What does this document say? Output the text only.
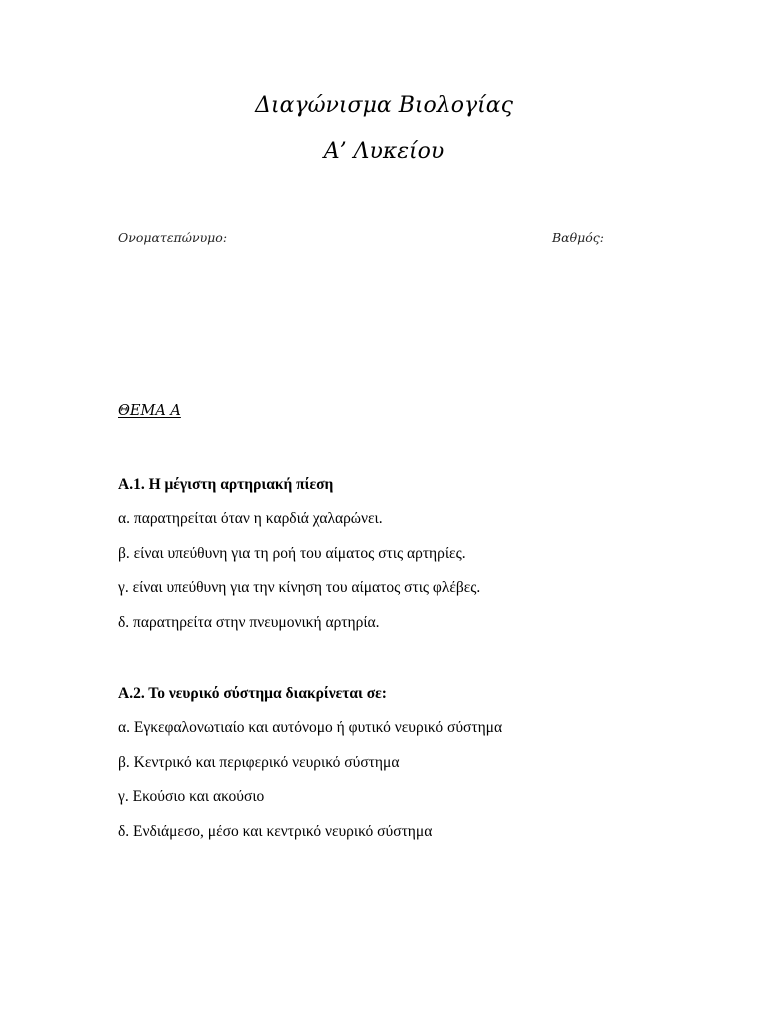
Διαγώνισμα Βιολογίας
Α’ Λυκείου
Ονοματεπώνυμο:	Βαθμός:
ΘΕΜΑ Α
Α.1. Η μέγιστη αρτηριακή πίεση
α. παρατηρείται όταν η καρδιά χαλαρώνει.
β. είναι υπεύθυνη για τη ροή του αίματος στις αρτηρίες.
γ. είναι υπεύθυνη για την κίνηση του αίματος στις φλέβες.
δ. παρατηρείτα στην πνευμονική αρτηρία.
Α.2. Το νευρικό σύστημα διακρίνεται σε:
α. Εγκεφαλονωτιαίο και αυτόνομο ή φυτικό νευρικό σύστημα
β. Κεντρικό και περιφερικό νευρικό σύστημα
γ. Εκούσιο και ακούσιο
δ. Ενδιάμεσο, μέσο και κεντρικό νευρικό σύστημα
